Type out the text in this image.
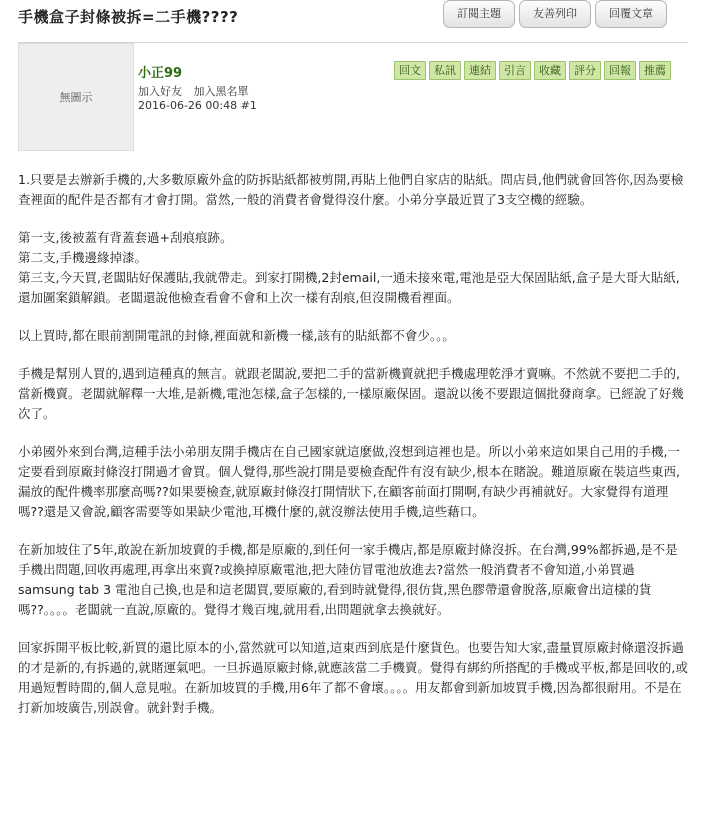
手機盒子封條被拆=二手機????	訂閱主題	友善列印	回覆文章
無圖示
小正99
加入好友 加入黑名單
2016-06-26 00:48 #1
回文	私訊	連結	引言	收藏	評分	回報	推薦

1.只要是去辦新手機的,大多數原廠外盒的防拆貼紙都被剪開,再貼上他們自家店的貼紙。問店員,他們就會回答你,因為要檢查裡面的配件是否都有才會打開。當然,一般的消費者會覺得沒什麼。小弟分享最近買了3支空機的經驗。

第一支,後被蓋有背蓋套過+刮痕痕跡。
第二支,手機邊緣掉漆。
第三支,今天買,老闆貼好保護貼,我就帶走。到家打開機,2封email,一通未接來電,電池是亞大保固貼紙,盒子是大哥大貼紙,還加圖案鎖解鎖。老闆還說他檢查看會不會和上次一樣有刮痕,但沒開機看裡面。

以上買時,都在眼前割開電訊的封條,裡面就和新機一樣,該有的貼紙都不會少。。。

手機是幫別人買的,遇到這種真的無言。就跟老闆說,要把二手的當新機賣就把手機處理乾淨才賣嘛。不然就不要把二手的,當新機賣。老闆就解釋一大堆,是新機,電池怎樣,盒子怎樣的,一樣原廠保固。還說以後不要跟這個批發商拿。已經說了好幾次了。

小弟國外來到台灣,這種手法小弟朋友開手機店在自己國家就這麼做,沒想到這裡也是。所以小弟來這如果自己用的手機,一定要看到原廠封條沒打開過才會買。個人覺得,那些說打開是要檢查配件有沒有缺少,根本在賭說。難道原廠在裝這些東西,漏放的配件機率那麼高嗎??如果要檢查,就原廠封條沒打開情狀下,在顧客前面打開啊,有缺少再補就好。大家覺得有道理嗎??還是又會說,顧客需要等如果缺少電池,耳機什麼的,就沒辦法使用手機,這些藉口。

在新加坡住了5年,敢說在新加坡賣的手機,都是原廠的,到任何一家手機店,都是原廠封條沒拆。在台灣,99%都拆過,是不是手機出問題,回收再處理,再拿出來賣?或換掉原廠電池,把大陸仿冒電池放進去?當然一般消費者不會知道,小弟買過samsung tab 3 電池自己換,也是和這老闆買,要原廠的,看到時就覺得,很仿貨,黑色膠帶還會脫落,原廠會出這樣的貨嗎??。。。。老闆就一直說,原廠的。覺得才幾百塊,就用看,出問題就拿去換就好。

回家拆開平板比較,新買的還比原本的小,當然就可以知道,這東西到底是什麼貨色。也要告知大家,盡量買原廠封條還沒拆過的才是新的,有拆過的,就賭運氣吧。一旦拆過原廠封條,就應該當二手機賣。覺得有綁約所搭配的手機或平板,都是回收的,或用過短暫時間的,個人意見啦。在新加坡買的手機,用6年了都不會壞。。。。用友都會到新加坡買手機,因為都很耐用。不是在打新加坡廣告,別誤會。就針對手機。
